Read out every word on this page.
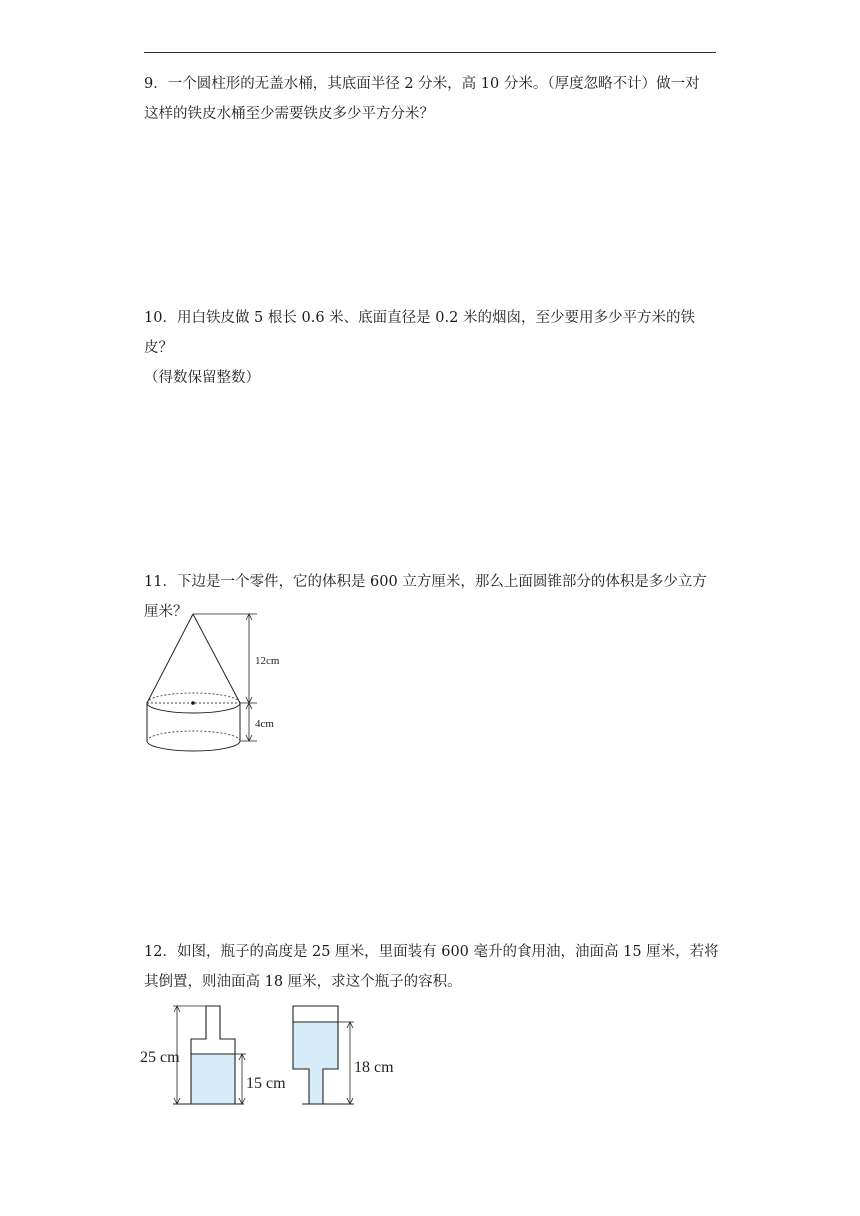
9．一个圆柱形的无盖水桶，其底面半径 2 分米，高 10 分米。（厚度忽略不计）做一对
这样的铁皮水桶至少需要铁皮多少平方分米？

10．用白铁皮做 5 根长 0.6 米、底面直径是 0.2 米的烟囱，至少要用多少平方米的铁皮？
（得数保留整数）

11．下边是一个零件，它的体积是 600 立方厘米，那么上面圆锥部分的体积是多少立方
厘米？

12cm
4cm

12．如图，瓶子的高度是 25 厘米，里面装有 600 毫升的食用油，油面高 15 厘米，若将
其倒置，则油面高 18 厘米，求这个瓶子的容积。

25 cm
15 cm
18 cm
